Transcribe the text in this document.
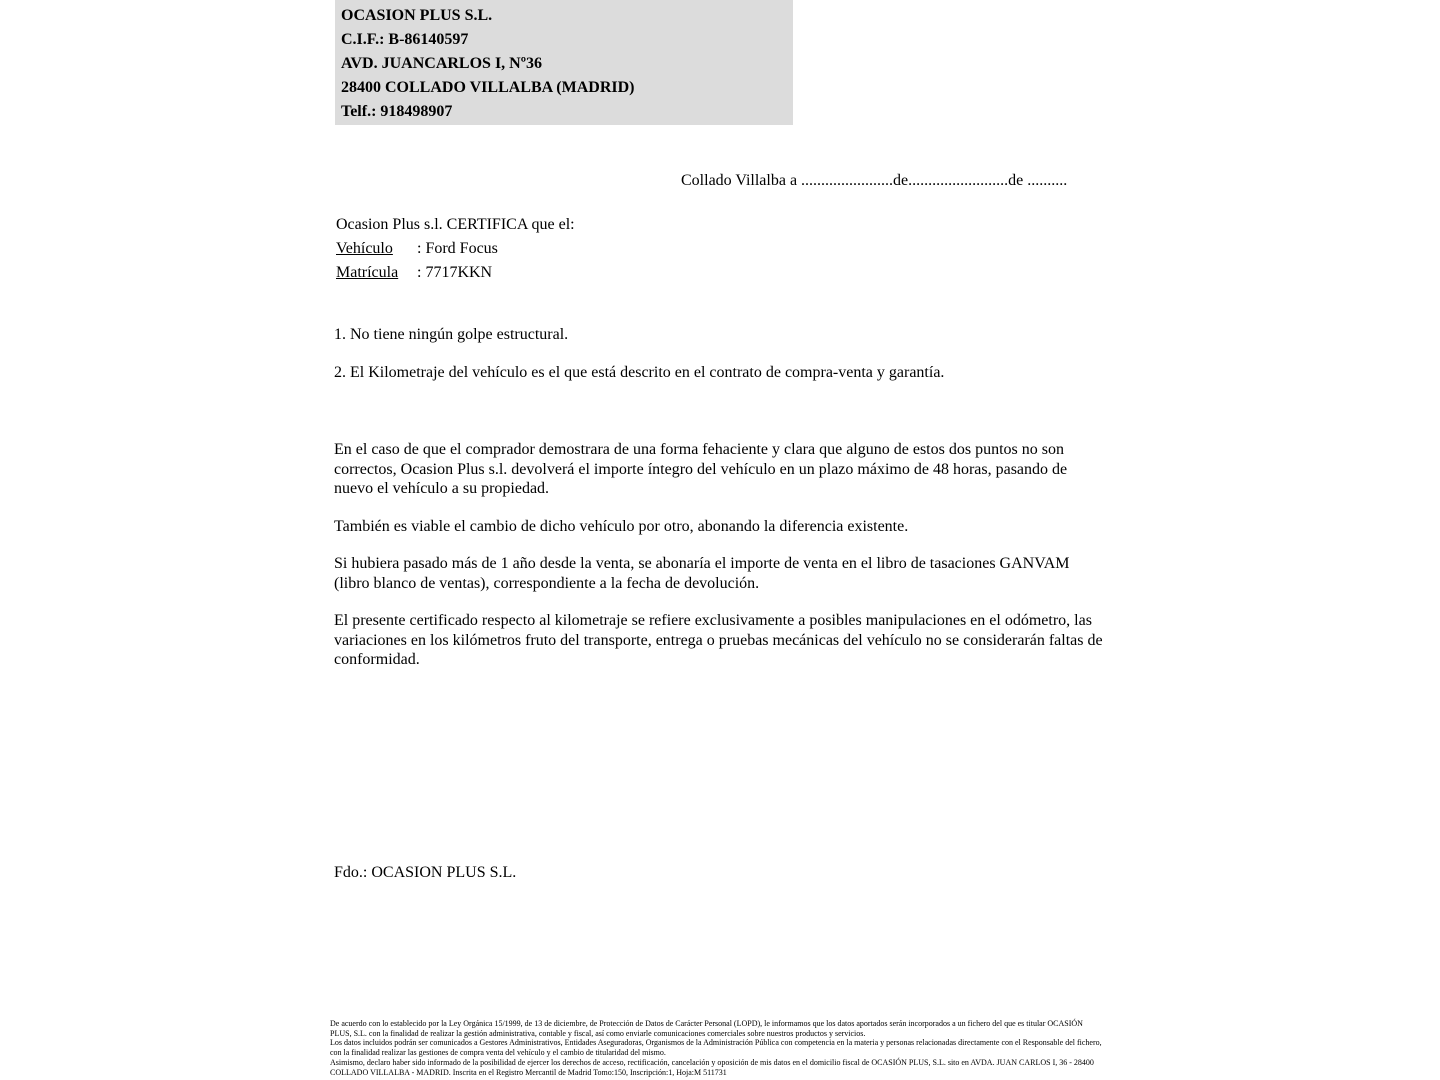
OCASION PLUS S.L.
C.I.F.: B-86140597
AVD. JUANCARLOS I, Nº36
28400 COLLADO VILLALBA (MADRID)
Telf.: 918498907
Collado Villalba a .......................de.........................de ..........
Ocasion Plus s.l. CERTIFICA que el:
Vehículo : Ford Focus
Matrícula : 7717KKN
1. No tiene ningún golpe estructural.
2. El Kilometraje del vehículo es el que está descrito en el contrato de compra-venta y garantía.

En el caso de que el comprador demostrara de una forma fehaciente y clara que alguno de estos dos puntos no son correctos, Ocasion Plus s.l. devolverá el importe íntegro del vehículo en un plazo máximo de 48 horas, pasando de nuevo el vehículo a su propiedad.

También es viable el cambio de dicho vehículo por otro, abonando la diferencia existente.

Si hubiera pasado más de 1 año desde la venta, se abonaría el importe de venta en el libro de tasaciones GANVAM (libro blanco de ventas), correspondiente a la fecha de devolución.

El presente certificado respecto al kilometraje se refiere exclusivamente a posibles manipulaciones en el odómetro, las variaciones en los kilómetros fruto del transporte, entrega o pruebas mecánicas del vehículo no se considerarán faltas de conformidad.

Fdo.: OCASION PLUS S.L.

De acuerdo con lo establecido por la Ley Orgánica 15/1999, de 13 de diciembre, de Protección de Datos de Carácter Personal (LOPD), le informamos que los datos aportados serán incorporados a un fichero del que es titular OCASIÓN PLUS, S.L. con la finalidad de realizar la gestión administrativa, contable y fiscal, así como enviarle comunicaciones comerciales sobre nuestros productos y servicios.

Los datos incluidos podrán ser comunicados a Gestores Administrativos, Entidades Aseguradoras, Organismos de la Administración Pública con competencia en la materia y personas relacionadas directamente con el Responsable del fichero, con la finalidad realizar las gestiones de compra venta del vehículo y el cambio de titularidad del mismo.

Asimismo, declaro haber sido informado de la posibilidad de ejercer los derechos de acceso, rectificación, cancelación y oposición de mis datos en el domicilio fiscal de OCASIÓN PLUS, S.L. sito en AVDA. JUAN CARLOS I, 36 - 28400 COLLADO VILLALBA - MADRID. Inscrita en el Registro Mercantil de Madrid Tomo:150, Inscripción:1, Hoja:M 511731
